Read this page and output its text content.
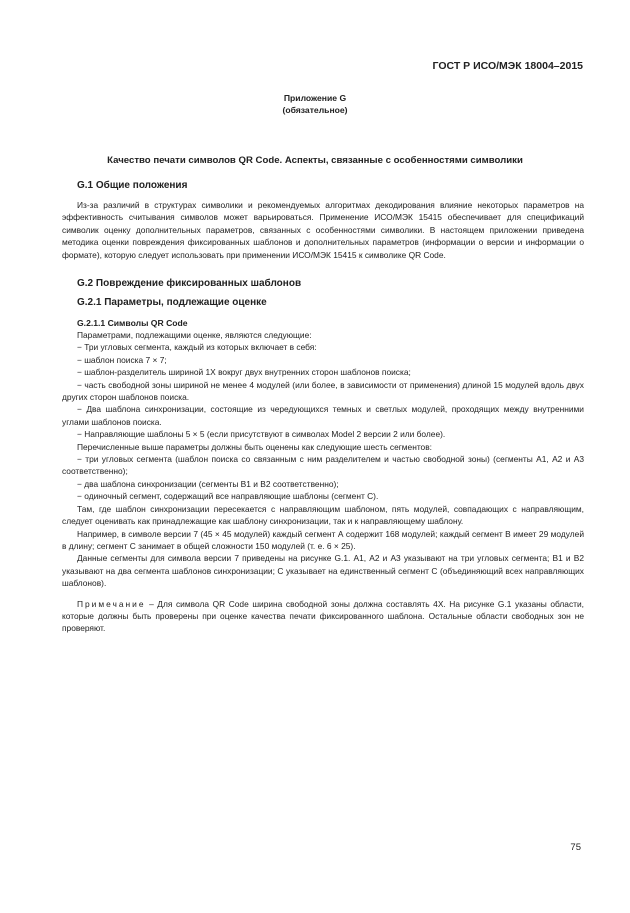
ГОСТ Р ИСО/МЭК 18004–2015
Приложение G
(обязательное)
Качество печати символов QR Code. Аспекты, связанные с особенностями символики
G.1 Общие положения

Из-за различий в структурах символики и рекомендуемых алгоритмах декодирования влияние некоторых параметров на эффективность считывания символов может варьироваться. Применение ИСО/МЭК 15415 обеспечивает для спецификаций символик оценку дополнительных параметров, связанных с особенностями символики. В настоящем приложении приведена методика оценки повреждения фиксированных шаблонов и дополнительных параметров (информации о версии и информации о формате), которую следует использовать при применении ИСО/МЭК 15415 к символике QR Code.

G.2 Повреждение фиксированных шаблонов
G.2.1 Параметры, подлежащие оценке
G.2.1.1 Символы QR Code
Параметрами, подлежащими оценке, являются следующие:
− Три угловых сегмента, каждый из которых включает в себя:
− шаблон поиска 7 × 7;
− шаблон-разделитель шириной 1X вокруг двух внутренних сторон шаблонов поиска;
− часть свободной зоны шириной не менее 4 модулей (или более, в зависимости от применения) длиной 15 модулей вдоль двух других сторон шаблонов поиска.
− Два шаблона синхронизации, состоящие из чередующихся темных и светлых модулей, проходящих между внутренними углами шаблонов поиска.
− Направляющие шаблоны 5 × 5 (если присутствуют в символах Model 2 версии 2 или более).
Перечисленные выше параметры должны быть оценены как следующие шесть сегментов:
− три угловых сегмента (шаблон поиска со связанным с ним разделителем и частью свободной зоны) (сегменты А1, А2 и А3 соответственно);
− два шаблона синхронизации (сегменты В1 и В2 соответственно);
− одиночный сегмент, содержащий все направляющие шаблоны (сегмент С).
Там, где шаблон синхронизации пересекается с направляющим шаблоном, пять модулей, совпадающих с направляющим, следует оценивать как принадлежащие как шаблону синхронизации, так и к направляющему шаблону.
Например, в символе версии 7 (45 × 45 модулей) каждый сегмент А содержит 168 модулей; каждый сегмент В имеет 29 модулей в длину; сегмент С занимает в общей сложности 150 модулей (т. е. 6 × 25).
Данные сегменты для символа версии 7 приведены на рисунке G.1. А1, А2 и А3 указывают на три угловых сегмента; В1 и В2 указывают на два сегмента шаблонов синхронизации; С указывает на единственный сегмент С (объединяющий всех направляющих шаблонов).
Примечание – Для символа QR Code ширина свободной зоны должна составлять 4X. На рисунке G.1 указаны области, которые должны быть проверены при оценке качества печати фиксированного шаблона. Остальные области свободных зон не проверяют.
75
